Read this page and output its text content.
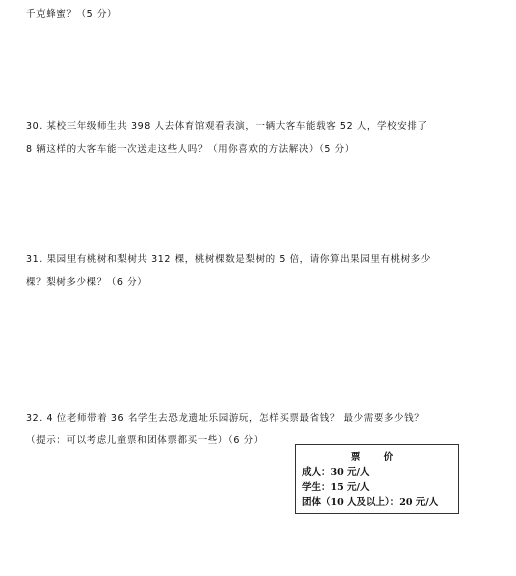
千克蜂蜜？（5 分）
30. 某校三年级师生共 398 人去体育馆观看表演，一辆大客车能载客 52 人，学校安排了
8 辆这样的大客车能一次送走这些人吗？（用你喜欢的方法解决）（5 分）
31. 果园里有桃树和梨树共 312 棵，桃树棵数是梨树的 5 倍，请你算出果园里有桃树多少
棵？梨树多少棵？（6 分）
32. 4 位老师带着 36 名学生去恐龙遗址乐园游玩，怎样买票最省钱？ 最少需要多少钱？
（提示：可以考虑儿童票和团体票都买一些）（6 分）
票 价
成人：30 元/人
学生：15 元/人
团体（10 人及以上）：20 元/人
